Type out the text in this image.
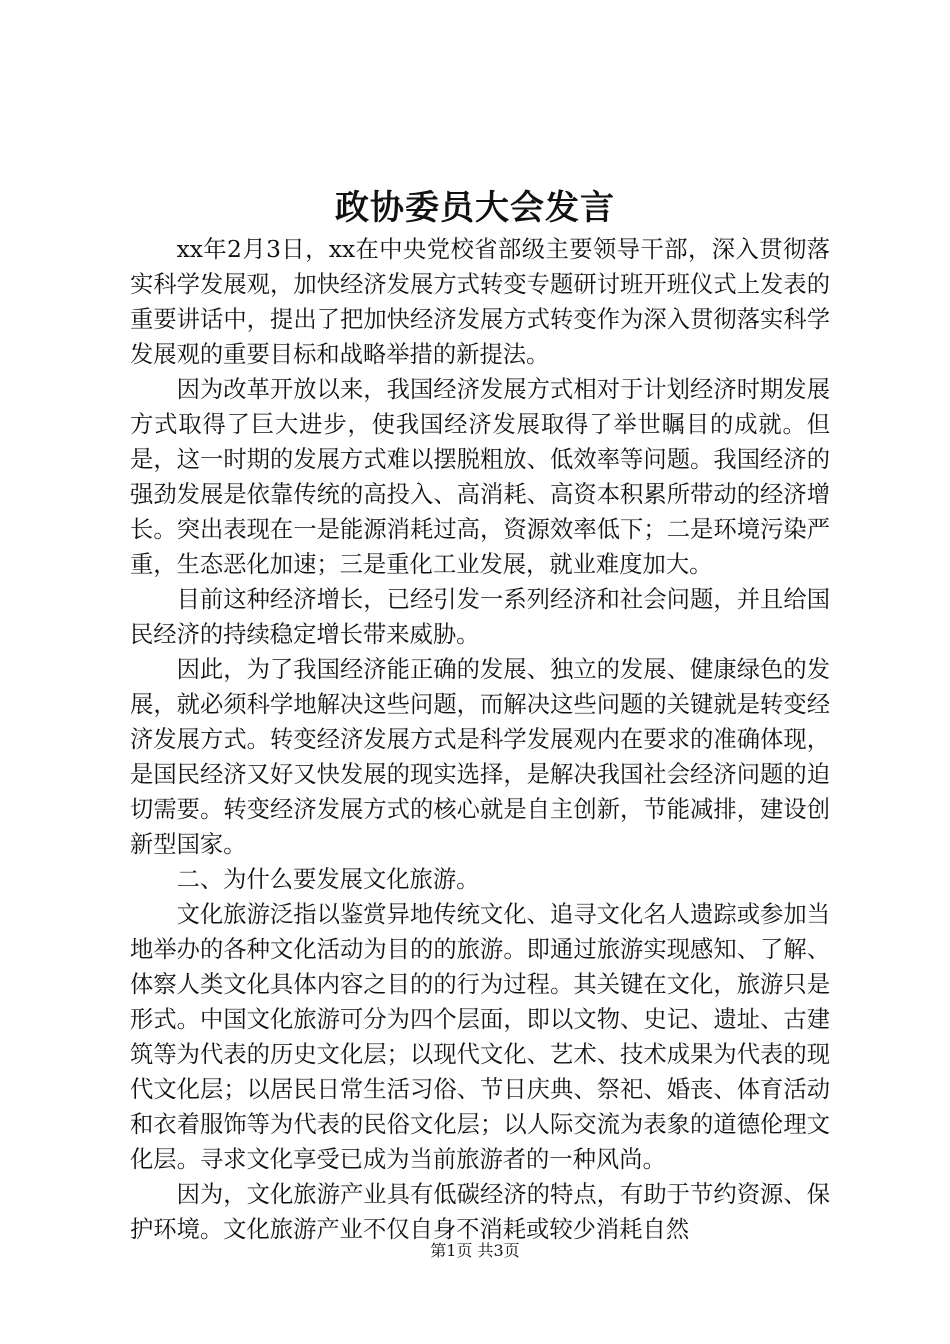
政协委员大会发言

xx年2月3日，xx在中央党校省部级主要领导干部，深入贯彻落实科学发展观，加快经济发展方式转变专题研讨班开班仪式上发表的重要讲话中，提出了把加快经济发展方式转变作为深入贯彻落实科学发展观的重要目标和战略举措的新提法。

因为改革开放以来，我国经济发展方式相对于计划经济时期发展方式取得了巨大进步，使我国经济发展取得了举世瞩目的成就。但是，这一时期的发展方式难以摆脱粗放、低效率等问题。我国经济的强劲发展是依靠传统的高投入、高消耗、高资本积累所带动的经济增长。突出表现在一是能源消耗过高，资源效率低下；二是环境污染严重，生态恶化加速；三是重化工业发展，就业难度加大。

目前这种经济增长，已经引发一系列经济和社会问题，并且给国民经济的持续稳定增长带来威胁。

因此，为了我国经济能正确的发展、独立的发展、健康绿色的发展，就必须科学地解决这些问题，而解决这些问题的关键就是转变经济发展方式。转变经济发展方式是科学发展观内在要求的准确体现，是国民经济又好又快发展的现实选择，是解决我国社会经济问题的迫切需要。转变经济发展方式的核心就是自主创新，节能减排，建设创新型国家。

二、为什么要发展文化旅游。

文化旅游泛指以鉴赏异地传统文化、追寻文化名人遗踪或参加当地举办的各种文化活动为目的的旅游。即通过旅游实现感知、了解、体察人类文化具体内容之目的的行为过程。其关键在文化，旅游只是形式。中国文化旅游可分为四个层面，即以文物、史记、遗址、古建筑等为代表的历史文化层；以现代文化、艺术、技术成果为代表的现代文化层；以居民日常生活习俗、节日庆典、祭祀、婚丧、体育活动和衣着服饰等为代表的民俗文化层；以人际交流为表象的道德伦理文化层。寻求文化享受已成为当前旅游者的一种风尚。

因为，文化旅游产业具有低碳经济的特点，有助于节约资源、保护环境。文化旅游产业不仅自身不消耗或较少消耗自然

第1页 共3页
